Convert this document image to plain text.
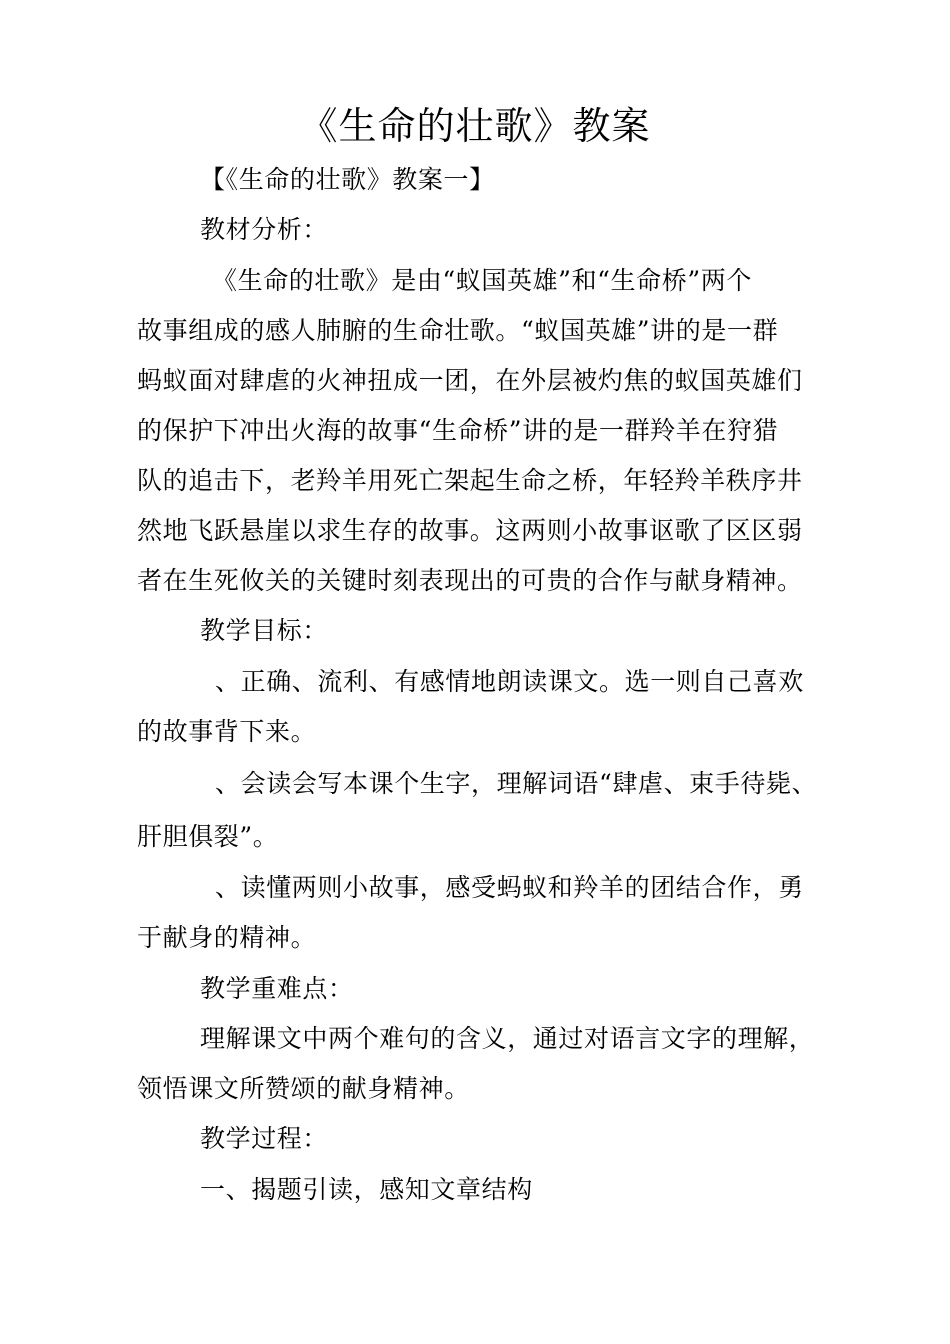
《生命的壮歌》教案
【《生命的壮歌》教案一】
教材分析：
《生命的壮歌》是由“蚁国英雄”和“生命桥”两个
故事组成的感人肺腑的生命壮歌。“蚁国英雄”讲的是一群
蚂蚁面对肆虐的火神扭成一团，在外层被灼焦的蚁国英雄们
的保护下冲出火海的故事“生命桥”讲的是一群羚羊在狩猎
队的追击下，老羚羊用死亡架起生命之桥，年轻羚羊秩序井
然地飞跃悬崖以求生存的故事。这两则小故事讴歌了区区弱
者在生死攸关的关键时刻表现出的可贵的合作与献身精神。
教学目标：
、正确、流利、有感情地朗读课文。选一则自己喜欢
的故事背下来。
、会读会写本课个生字，理解词语“肆虐、束手待毙、
肝胆俱裂”。
、读懂两则小故事，感受蚂蚁和羚羊的团结合作，勇
于献身的精神。
教学重难点：
理解课文中两个难句的含义，通过对语言文字的理解，
领悟课文所赞颂的献身精神。
教学过程：
一、揭题引读，感知文章结构
